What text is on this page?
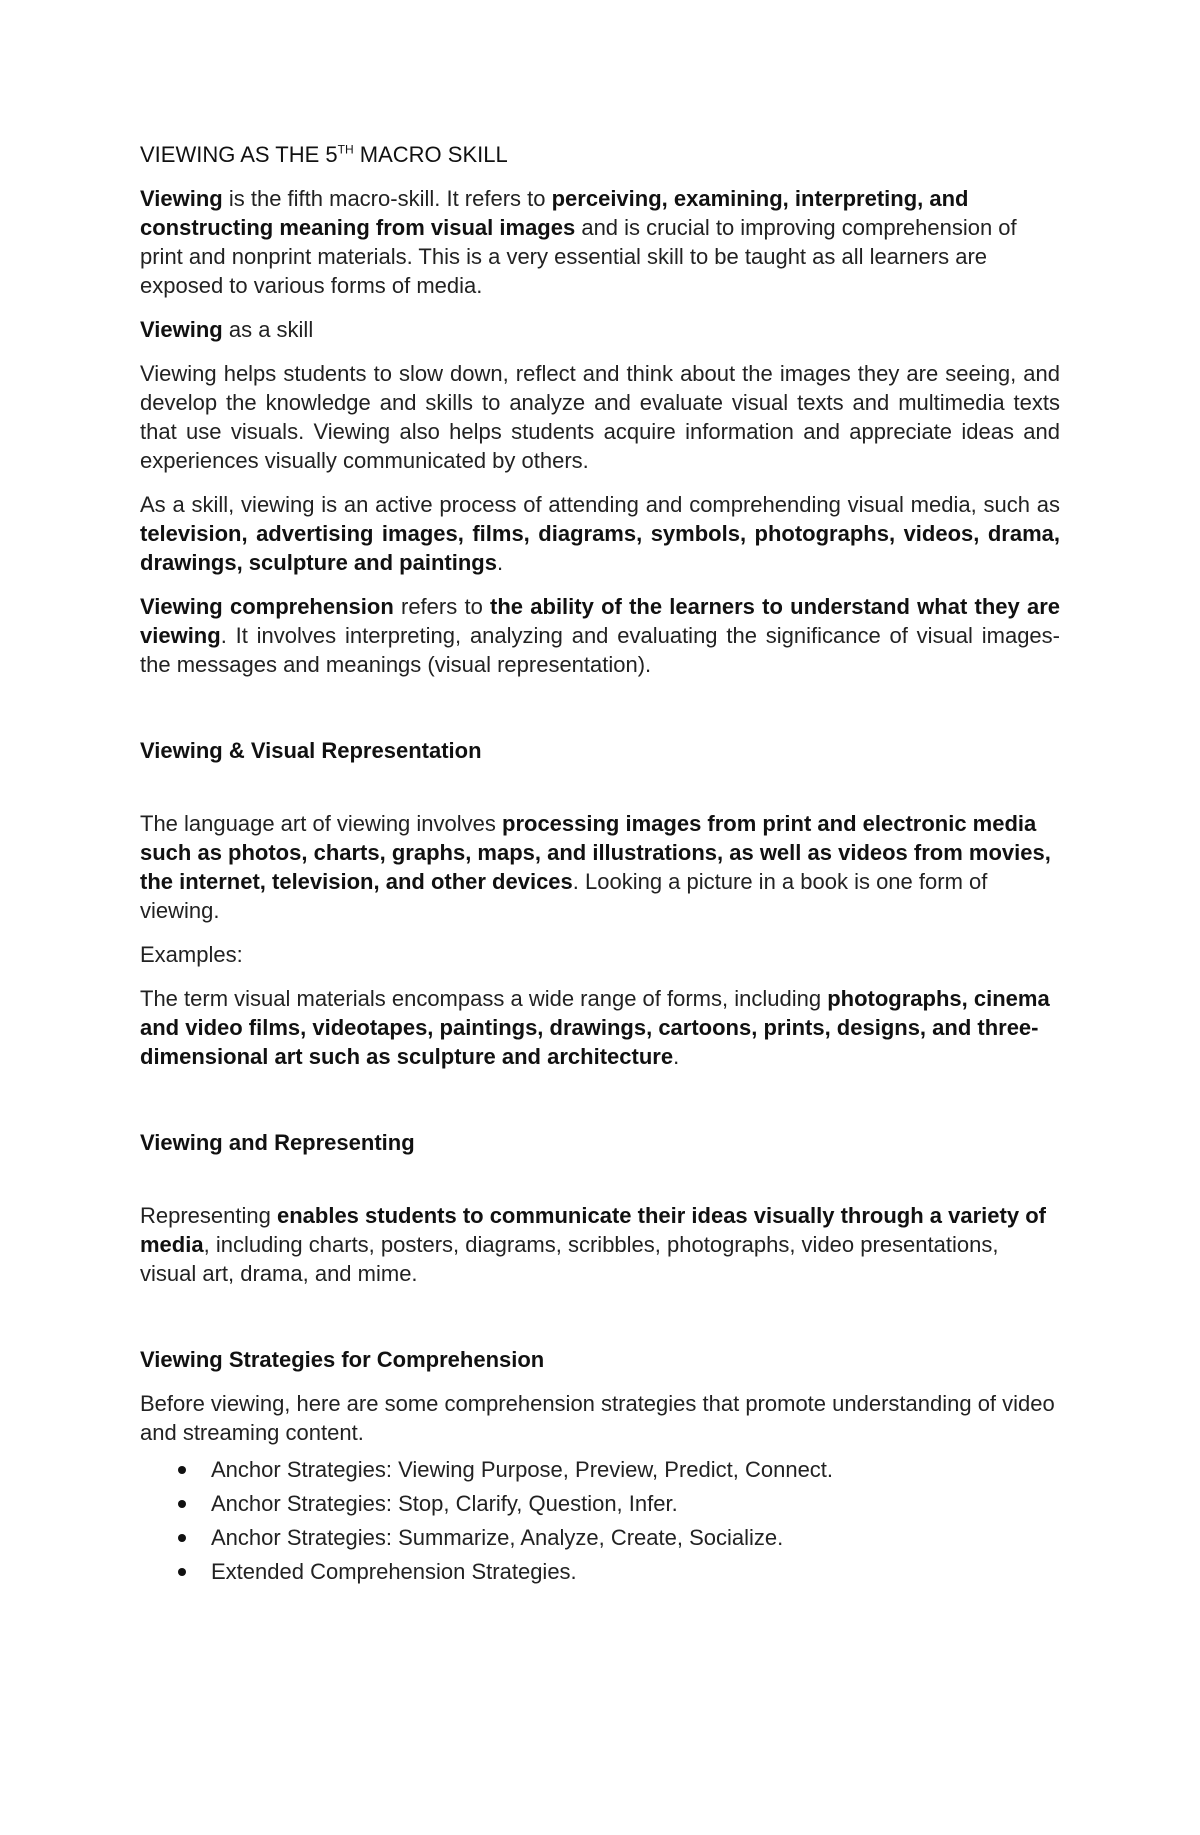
VIEWING AS THE 5TH MACRO SKILL

Viewing is the fifth macro-skill. It refers to perceiving, examining, interpreting, and constructing meaning from visual images and is crucial to improving comprehension of print and nonprint materials. This is a very essential skill to be taught as all learners are exposed to various forms of media.

Viewing as a skill

Viewing helps students to slow down, reflect and think about the images they are seeing, and develop the knowledge and skills to analyze and evaluate visual texts and multimedia texts that use visuals. Viewing also helps students acquire information and appreciate ideas and experiences visually communicated by others.

As a skill, viewing is an active process of attending and comprehending visual media, such as television, advertising images, films, diagrams, symbols, photographs, videos, drama, drawings, sculpture and paintings.

Viewing comprehension refers to the ability of the learners to understand what they are viewing. It involves interpreting, analyzing and evaluating the significance of visual images- the messages and meanings (visual representation).

Viewing & Visual Representation

The language art of viewing involves processing images from print and electronic media such as photos, charts, graphs, maps, and illustrations, as well as videos from movies, the internet, television, and other devices. Looking a picture in a book is one form of viewing.

Examples:

The term visual materials encompass a wide range of forms, including photographs, cinema and video films, videotapes, paintings, drawings, cartoons, prints, designs, and three-dimensional art such as sculpture and architecture.

Viewing and Representing

Representing enables students to communicate their ideas visually through a variety of media, including charts, posters, diagrams, scribbles, photographs, video presentations, visual art, drama, and mime.

Viewing Strategies for Comprehension

Before viewing, here are some comprehension strategies that promote understanding of video and streaming content.

Anchor Strategies: Viewing Purpose, Preview, Predict, Connect.
Anchor Strategies: Stop, Clarify, Question, Infer.
Anchor Strategies: Summarize, Analyze, Create, Socialize.
Extended Comprehension Strategies.
